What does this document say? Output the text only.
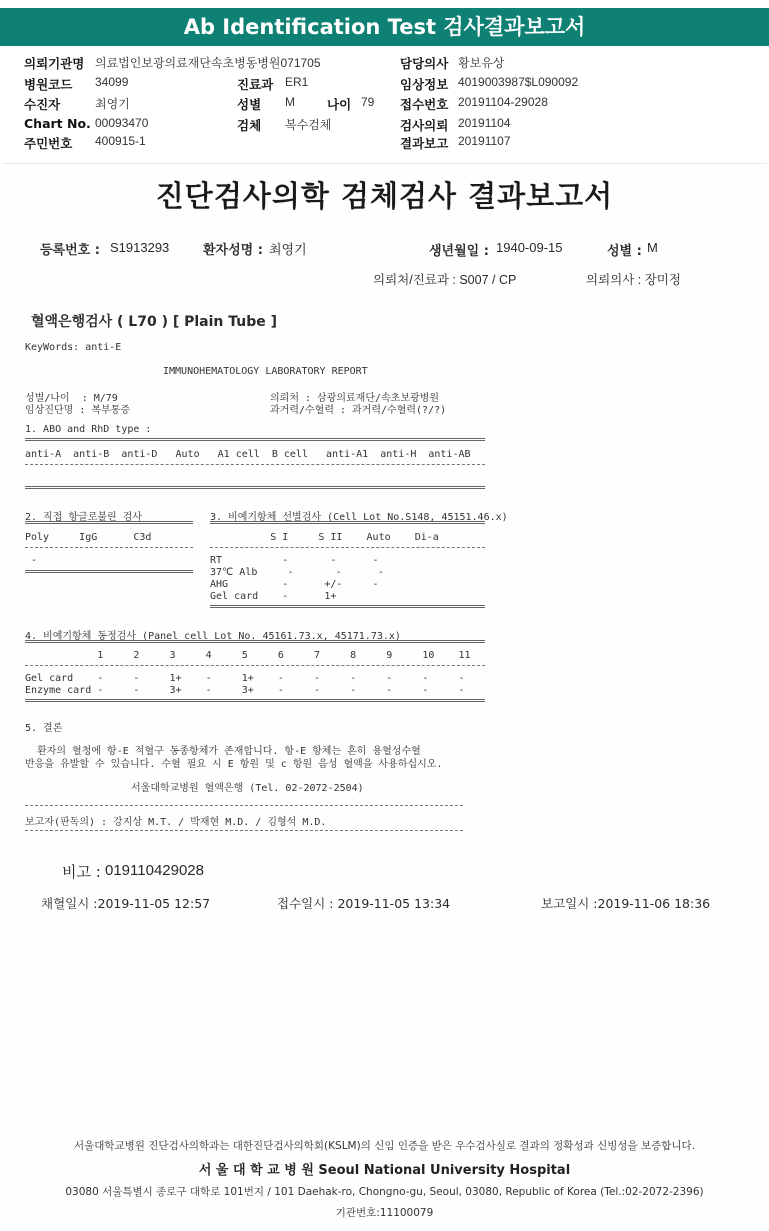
Ab Identification Test 검사결과보고서
의뢰기관명 의료법인보광의료재단속초병동병원071705	담당의사 황보유상
병원코드 34099	진료과 ER1	임상정보 4019003987$L090092
수진자	최영기	성별 M	나이 79 접수번호 20191104-29028
Chart No. 00093470	검체 복수검체	검사의뢰 20191104
주민번호 400915-1	결과보고 20191107
진단검사의학 검체검사 결과보고서
등록번호 : S1913293	환자성명 : 최영기	생년월일 : 1940-09-15	성별 : M
의뢰처/진료과 : S007 / CP	의뢰의사 : 장미정
혈액은행검사 ( L70 ) [ Plain Tube ]
KeyWords: anti-E
IMMUNOHEMATOLOGY LABORATORY REPORT
성별/나이  : M/79
임상진단명 : 복부통증
의뢰처 : 삼광의료재단/속초보광병원
과거력/수혈력 : 과거력/수혈력(?/?)
1. ABO and RhD type :
anti-A  anti-B  anti-D   Auto   A1 cell  B cell   anti-A1  anti-H  anti-AB
2. 직접 항글로불린 검사
Poly     IgG      C3d
-
3. 비예기항체 선별검사 (Cell Lot No.S148, 45151.46.x)
S I     S II    Auto    Di-a
RT          -       -      -
37℃ Alb     -       -      -
AHG         -      +/-     -
Gel card    -      1+
4. 비예기항체 동정검사 (Panel cell Lot No. 45161.73.x, 45171.73.x)
1     2     3     4     5     6     7     8     9     10    11
Gel card    -     -     1+    -     1+    -     -     -     -     -     -
Enzyme card -     -     3+    -     3+    -     -     -     -     -     -
5. 결론
환자의 혈청에 항-E 적혈구 동종항체가 존재합니다. 항-E 항체는 흔히 용혈성수혈
반응을 유발할 수 있습니다. 수혈 필요 시 E 항원 및 c 항원 음성 혈액을 사용하십시오.
서울대학교병원 혈액은행 (Tel. 02-2072-2504)
보고자(판독의) : 강지상 M.T. / 박재현 M.D. / 김형석 M.D.
비고 : 019110429028
채혈일시 :2019-11-05 12:57	접수일시 : 2019-11-05 13:34	보고일시 :2019-11-06 18:36
서울대학교병원 진단검사의학과는 대한진단검사의학회(KSLM)의 신임 인증을 받은 우수검사실로 결과의 정확성과 신빙성을 보증합니다.
서 울 대 학 교 병 원 Seoul National University Hospital
03080 서울특별시 종로구 대학로 101번지 / 101 Daehak-ro, Chongno-gu, Seoul, 03080, Republic of Korea (Tel.:02-2072-2396)
기관번호:11100079
